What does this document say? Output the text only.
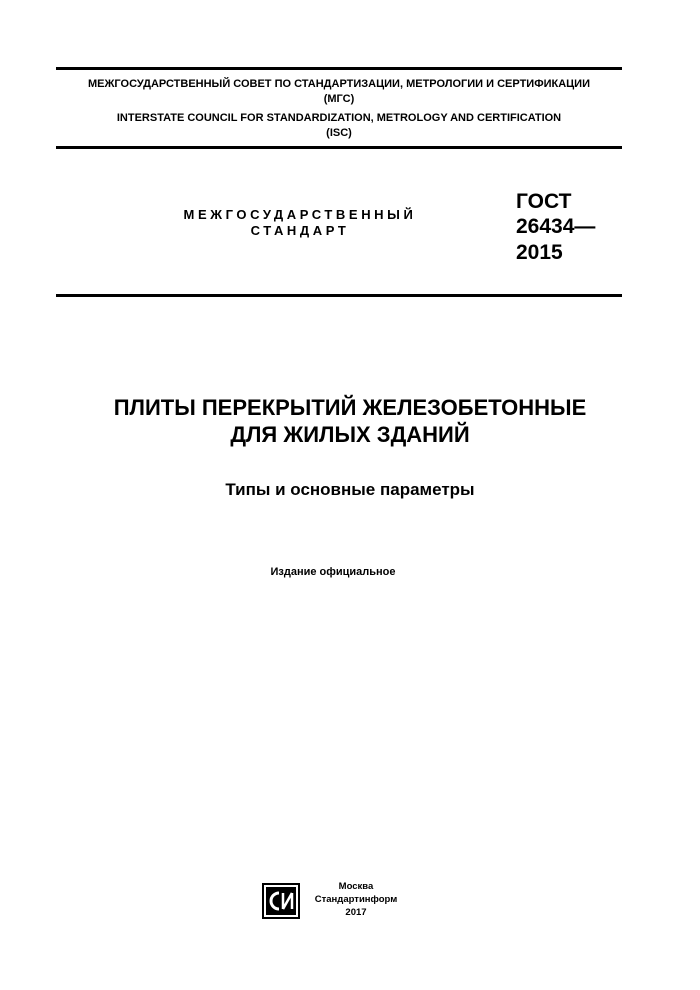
МЕЖГОСУДАРСТВЕННЫЙ СОВЕТ ПО СТАНДАРТИЗАЦИИ, МЕТРОЛОГИИ И СЕРТИФИКАЦИИ
(МГС)
INTERSTATE COUNCIL FOR STANDARDIZATION, METROLOGY AND CERTIFICATION
(ISC)
МЕЖГОСУДАРСТВЕННЫЙ
СТАНДАРТ
ГОСТ
26434—
2015
ПЛИТЫ ПЕРЕКРЫТИЙ ЖЕЛЕЗОБЕТОННЫЕ
ДЛЯ ЖИЛЫХ ЗДАНИЙ
Типы и основные параметры
Издание официальное
Москва
Стандартинформ
2017
